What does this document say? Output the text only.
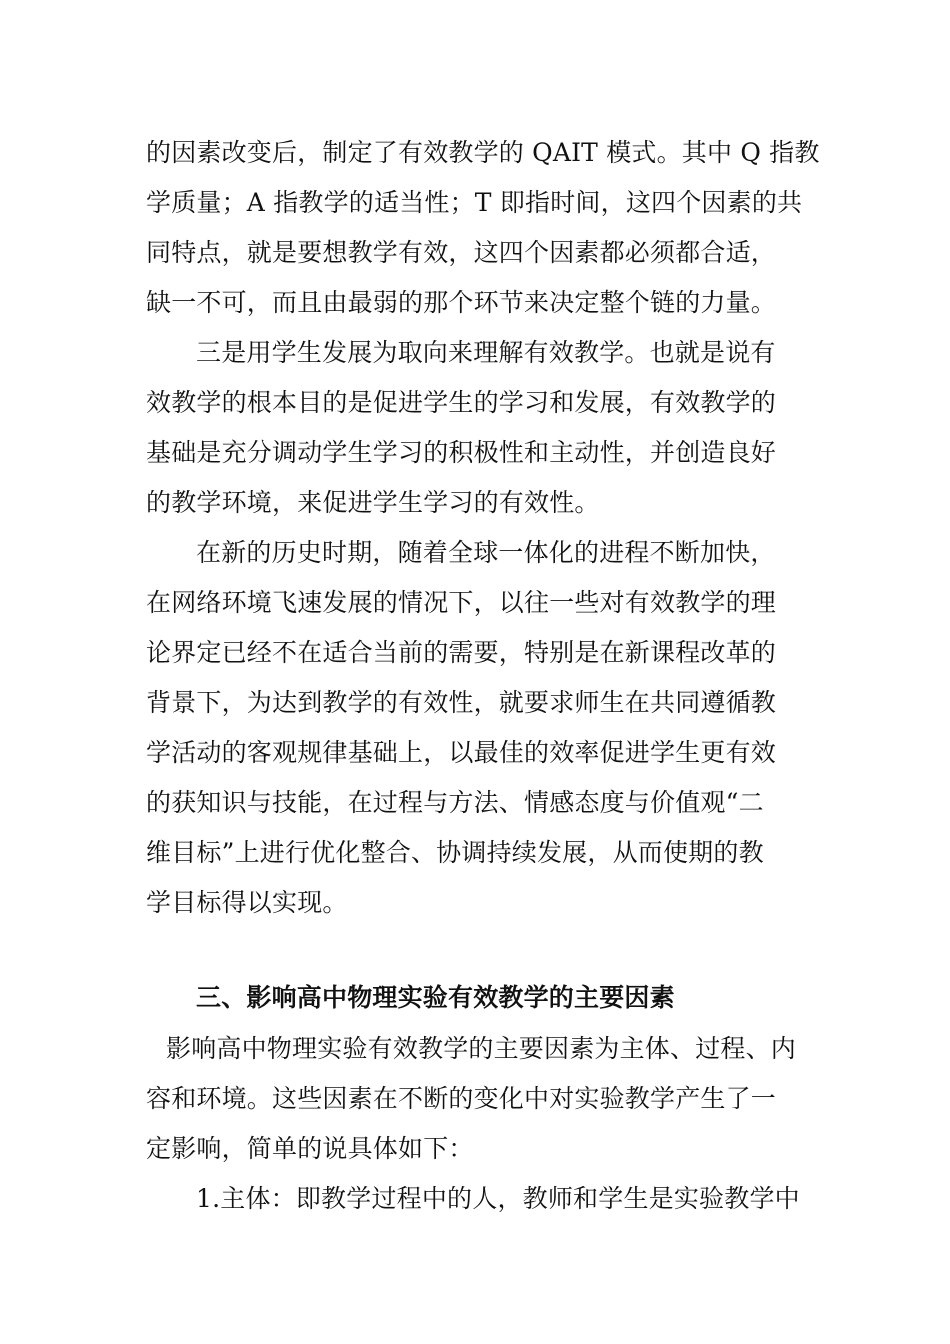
的因素改变后，制定了有效教学的 QAIT 模式。其中 Q 指教
学质量；A 指教学的适当性；T 即指时间，这四个因素的共
同特点，就是要想教学有效，这四个因素都必须都合适，
缺一不可，而且由最弱的那个环节来决定整个链的力量。
三是用学生发展为取向来理解有效教学。也就是说有
效教学的根本目的是促进学生的学习和发展，有效教学的
基础是充分调动学生学习的积极性和主动性，并创造良好
的教学环境，来促进学生学习的有效性。
在新的历史时期，随着全球一体化的进程不断加快，
在网络环境飞速发展的情况下，以往一些对有效教学的理
论界定已经不在适合当前的需要，特别是在新课程改革的
背景下，为达到教学的有效性，就要求师生在共同遵循教
学活动的客观规律基础上，以最佳的效率促进学生更有效
的获知识与技能，在过程与方法、情感态度与价值观“二
维目标”上进行优化整合、协调持续发展，从而使期的教
学目标得以实现。
三、影响高中物理实验有效教学的主要因素
影响高中物理实验有效教学的主要因素为主体、过程、内
容和环境。这些因素在不断的变化中对实验教学产生了一
定影响，简单的说具体如下：
1.主体：即教学过程中的人，教师和学生是实验教学中
